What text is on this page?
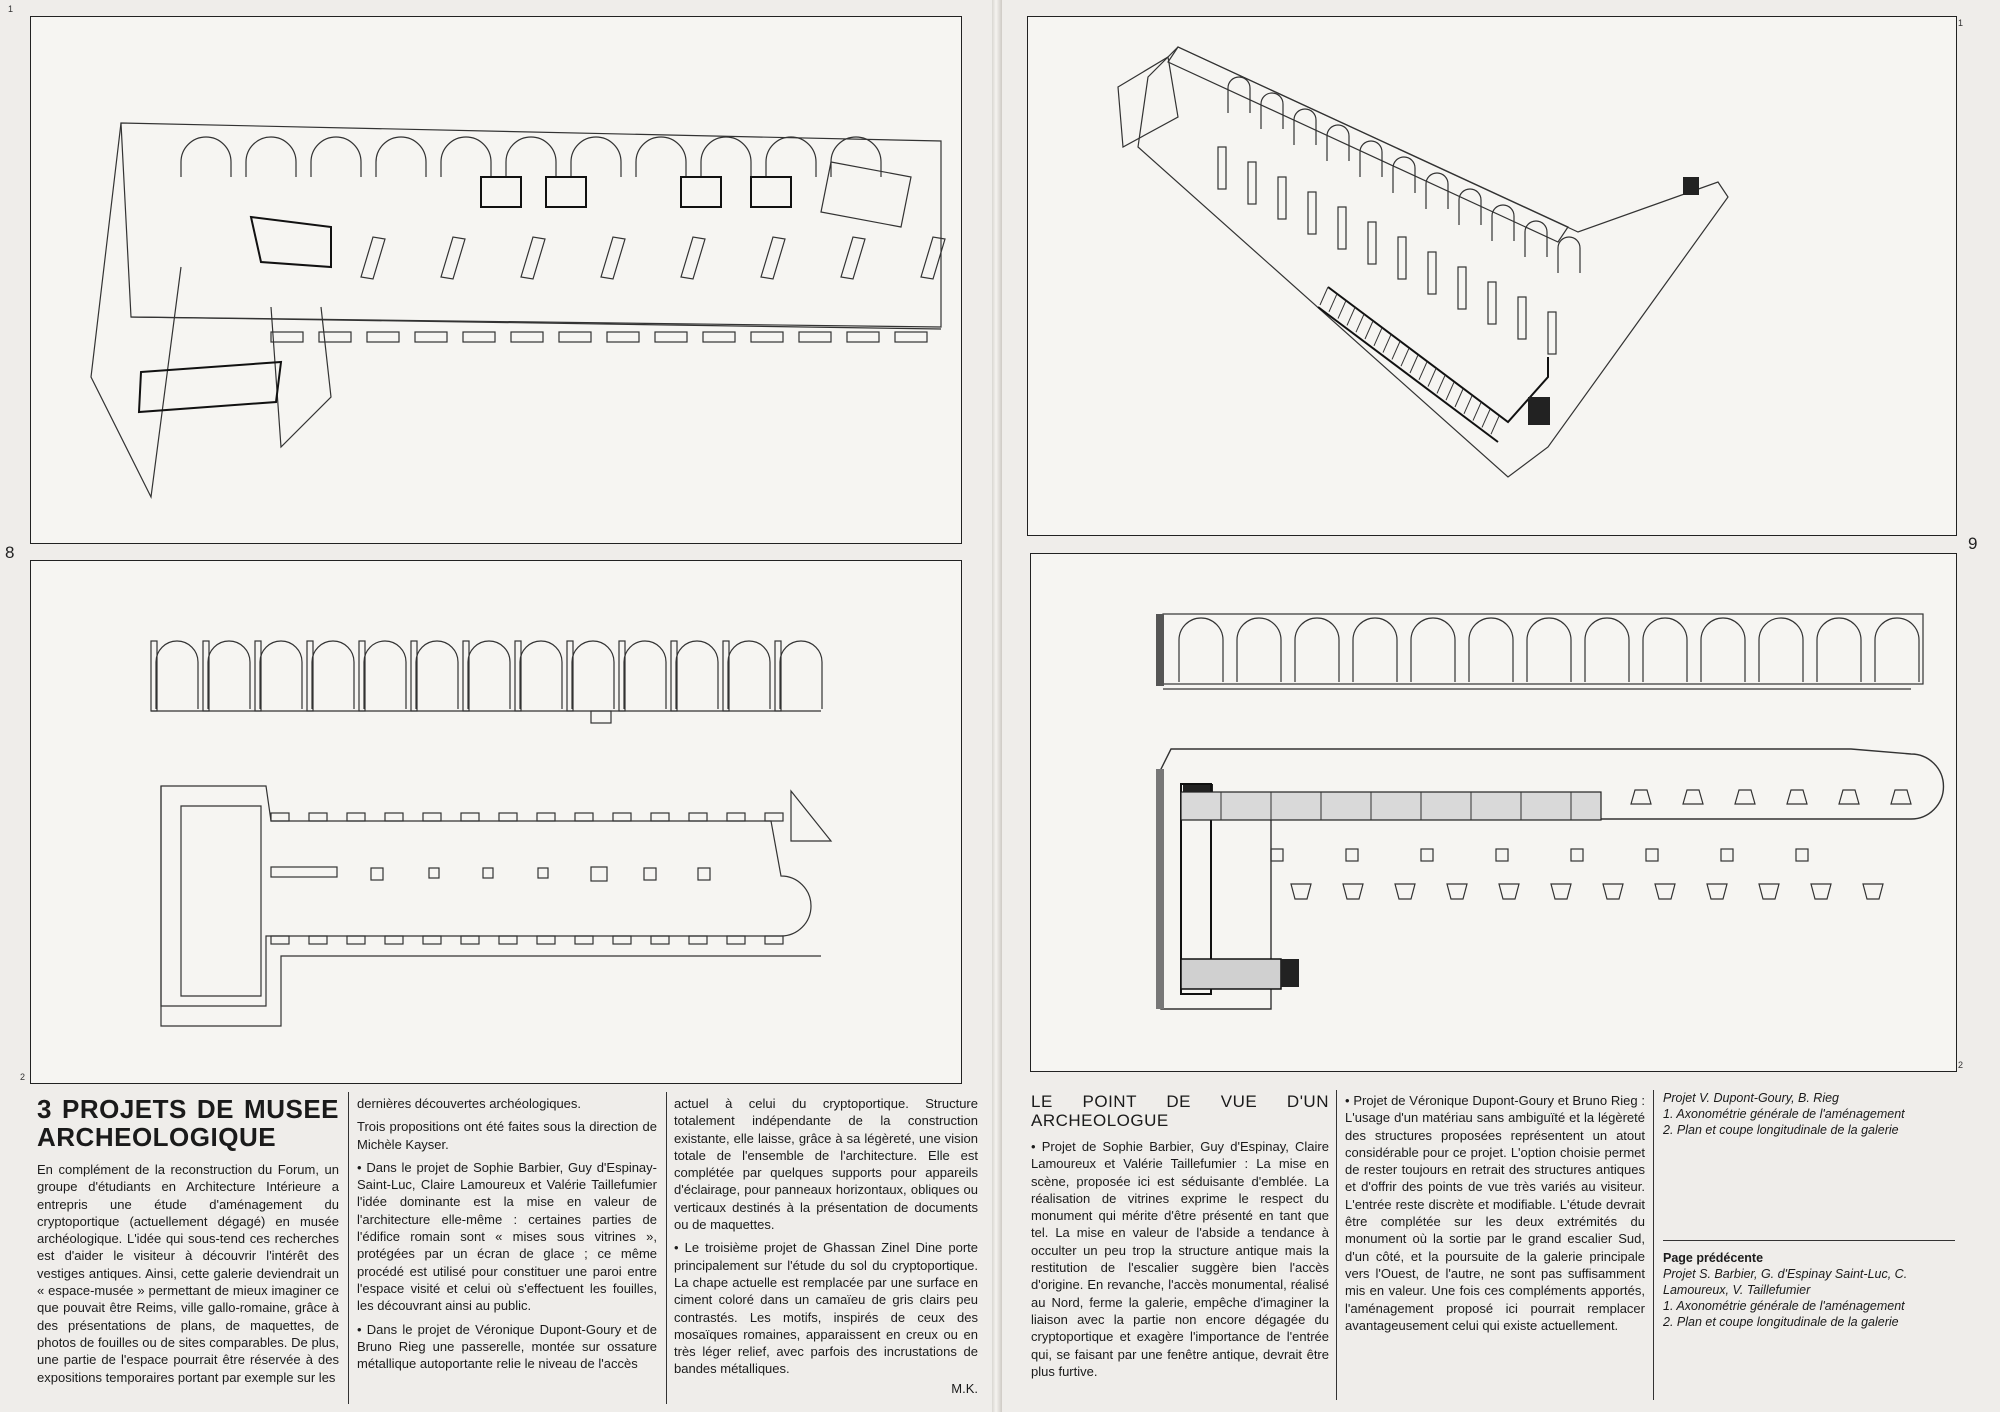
1
8
2
3 PROJETS DE MUSEE ARCHEOLOGIQUE

En complément de la reconstruction du Forum, un groupe d'étudiants en Architecture Intérieure a entrepris une étude d'aménagement du cryptoportique (actuellement dégagé) en musée archéologique. L'idée qui sous-tend ces recherches est d'aider le visiteur à découvrir l'intérêt des vestiges antiques. Ainsi, cette galerie deviendrait un « espace-musée » permettant de mieux imaginer ce que pouvait être Reims, ville gallo-romaine, grâce à des présentations de plans, de maquettes, de photos de fouilles ou de sites comparables. De plus, une partie de l'espace pourrait être réservée à des expositions temporaires portant par exemple sur les

dernières découvertes archéologiques.

Trois propositions ont été faites sous la direction de Michèle Kayser.

• Dans le projet de Sophie Barbier, Guy d'Espinay-Saint-Luc, Claire Lamoureux et Valérie Taillefumier l'idée dominante est la mise en valeur de l'architecture elle-même : certaines parties de l'édifice romain sont « mises sous vitrines », protégées par un écran de glace ; ce même procédé est utilisé pour constituer une paroi entre l'espace visité et celui où s'effectuent les fouilles, les découvrant ainsi au public.

• Dans le projet de Véronique Dupont-Goury et de Bruno Rieg une passerelle, montée sur ossature métallique autoportante relie le niveau de l'accès

actuel à celui du cryptoportique. Structure totalement indépendante de la construction existante, elle laisse, grâce à sa légèreté, une vision totale de l'ensemble de l'architecture. Elle est complétée par quelques supports pour appareils d'éclairage, pour panneaux horizontaux, obliques ou verticaux destinés à la présentation de documents ou de maquettes.

• Le troisième projet de Ghassan Zinel Dine porte principalement sur l'étude du sol du cryptoportique. La chape actuelle est remplacée par une surface en ciment coloré dans un camaïeu de gris clairs peu contrastés. Les motifs, inspirés de ceux des mosaïques romaines, apparaissent en creux ou en très léger relief, avec parfois des incrustations de bandes métalliques.

M.K.

1
9
2
LE POINT DE VUE D'UN ARCHEOLOGUE

• Projet de Sophie Barbier, Guy d'Espinay, Claire Lamoureux et Valérie Taillefumier : La mise en scène, proposée ici est séduisante d'emblée. La réalisation de vitrines exprime le respect du monument qui mérite d'être présenté en tant que tel. La mise en valeur de l'abside a tendance à occulter un peu trop la structure antique mais la restitution de l'escalier suggère bien l'accès d'origine. En revanche, l'accès monumental, réalisé au Nord, ferme la galerie, empêche d'imaginer la liaison avec la partie non encore dégagée du cryptoportique et exagère l'importance de l'entrée qui, se faisant par une fenêtre antique, devrait être plus furtive.

• Projet de Véronique Dupont-Goury et Bruno Rieg : L'usage d'un matériau sans ambiguïté et la légèreté des structures proposées représentent un atout considérable pour ce projet. L'option choisie permet de rester toujours en retrait des structures antiques et d'offrir des points de vue très variés au visiteur. L'entrée reste discrète et modifiable. L'étude devrait être complétée sur les deux extrémités du monument où la sortie par le grand escalier Sud, d'un côté, et la poursuite de la galerie principale vers l'Ouest, de l'autre, ne sont pas suffisamment mis en valeur. Une fois ces compléments apportés, l'aménagement proposé ici pourrait remplacer avantageusement celui qui existe actuellement.

Projet V. Dupont-Goury, B. Rieg
1. Axonométrie générale de l'aménagement
2. Plan et coupe longitudinale de la galerie
Page prédécente
Projet S. Barbier, G. d'Espinay Saint-Luc, C. Lamoureux, V. Taillefumier
1. Axonométrie générale de l'aménagement
2. Plan et coupe longitudinale de la galerie
